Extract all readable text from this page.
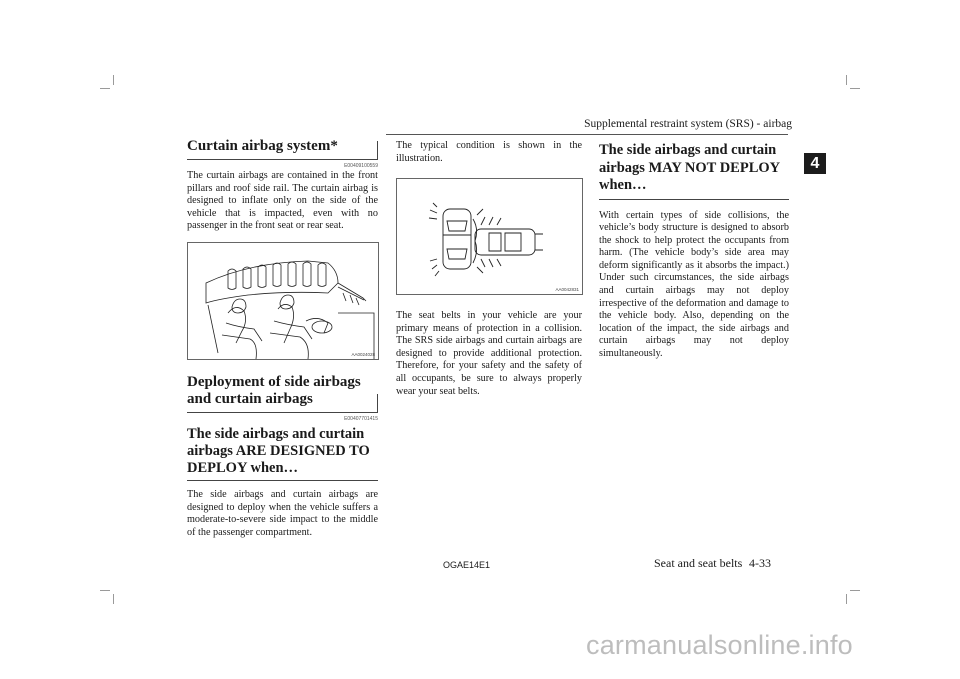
Supplemental restraint system (SRS) - airbag
4
Curtain airbag system*
E00409100559

The curtain airbags are contained in the front pillars and roof side rail. The curtain airbag is designed to inflate only on the side of the vehicle that is impacted, even with no passenger in the front seat or rear seat.

AA0024028
Deployment of side airbags and curtain airbags
E00407701415
The side airbags and curtain airbags ARE DESIGNED TO DEPLOY when…

The side airbags and curtain airbags are designed to deploy when the vehicle suffers a moderate-to-severe side impact to the middle of the passenger compartment.

The typical condition is shown in the illustration.

AA0042831

The seat belts in your vehicle are your primary means of protection in a collision. The SRS side airbags and curtain airbags are designed to provide additional protection. Therefore, for your safety and the safety of all occupants, be sure to always properly wear your seat belts.

The side airbags and curtain airbags MAY NOT DEPLOY when…

With certain types of side collisions, the vehicle’s body structure is designed to absorb the shock to help protect the occupants from harm. (The vehicle body’s side area may deform significantly as it absorbs the impact.) Under such circumstances, the side airbags and curtain airbags may not deploy irrespective of the deformation and damage to the vehicle body. Also, depending on the location of the impact, the side airbags and curtain airbags may not deploy simultaneously.

OGAE14E1	Seat and seat belts 4-33
carmanualsonline.info
